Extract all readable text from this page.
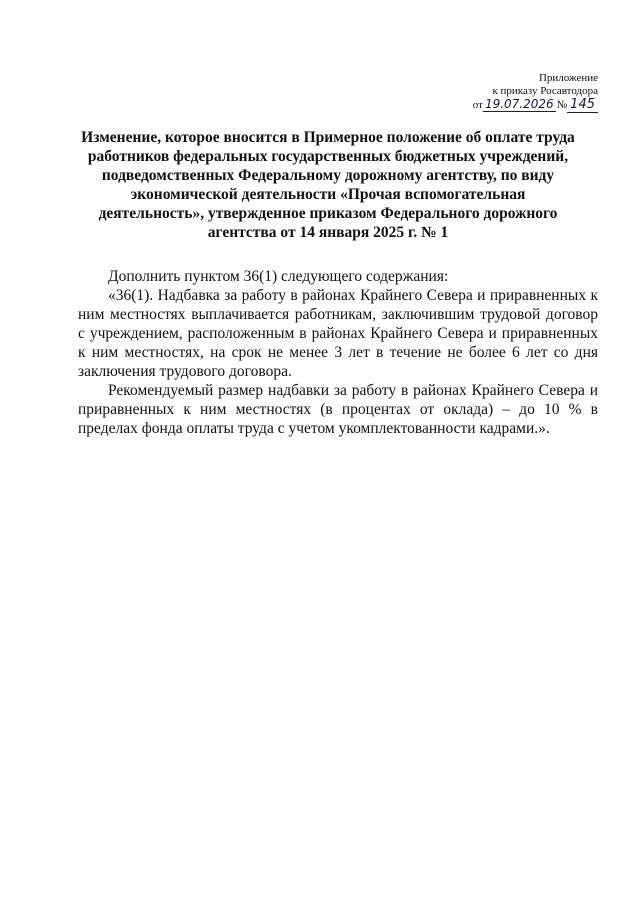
Приложение
к приказу Росавтодора
от 19.07.2026 № 145
Изменение, которое вносится в Примерное положение об оплате труда работников федеральных государственных бюджетных учреждений, подведомственных Федеральному дорожному агентству, по виду экономической деятельности «Прочая вспомогательная деятельность», утвержденное приказом Федерального дорожного агентства от 14 января 2025 г. № 1

Дополнить пунктом 36(1) следующего содержания:

«36(1). Надбавка за работу в районах Крайнего Севера и приравненных к ним местностях выплачивается работникам, заключившим трудовой договор с учреждением, расположенным в районах Крайнего Севера и приравненных к ним местностях, на срок не менее 3 лет в течение не более 6 лет со дня заключения трудового договора.

Рекомендуемый размер надбавки за работу в районах Крайнего Севера и приравненных к ним местностях (в процентах от оклада) – до 10 % в пределах фонда оплаты труда с учетом укомплектованности кадрами.».
